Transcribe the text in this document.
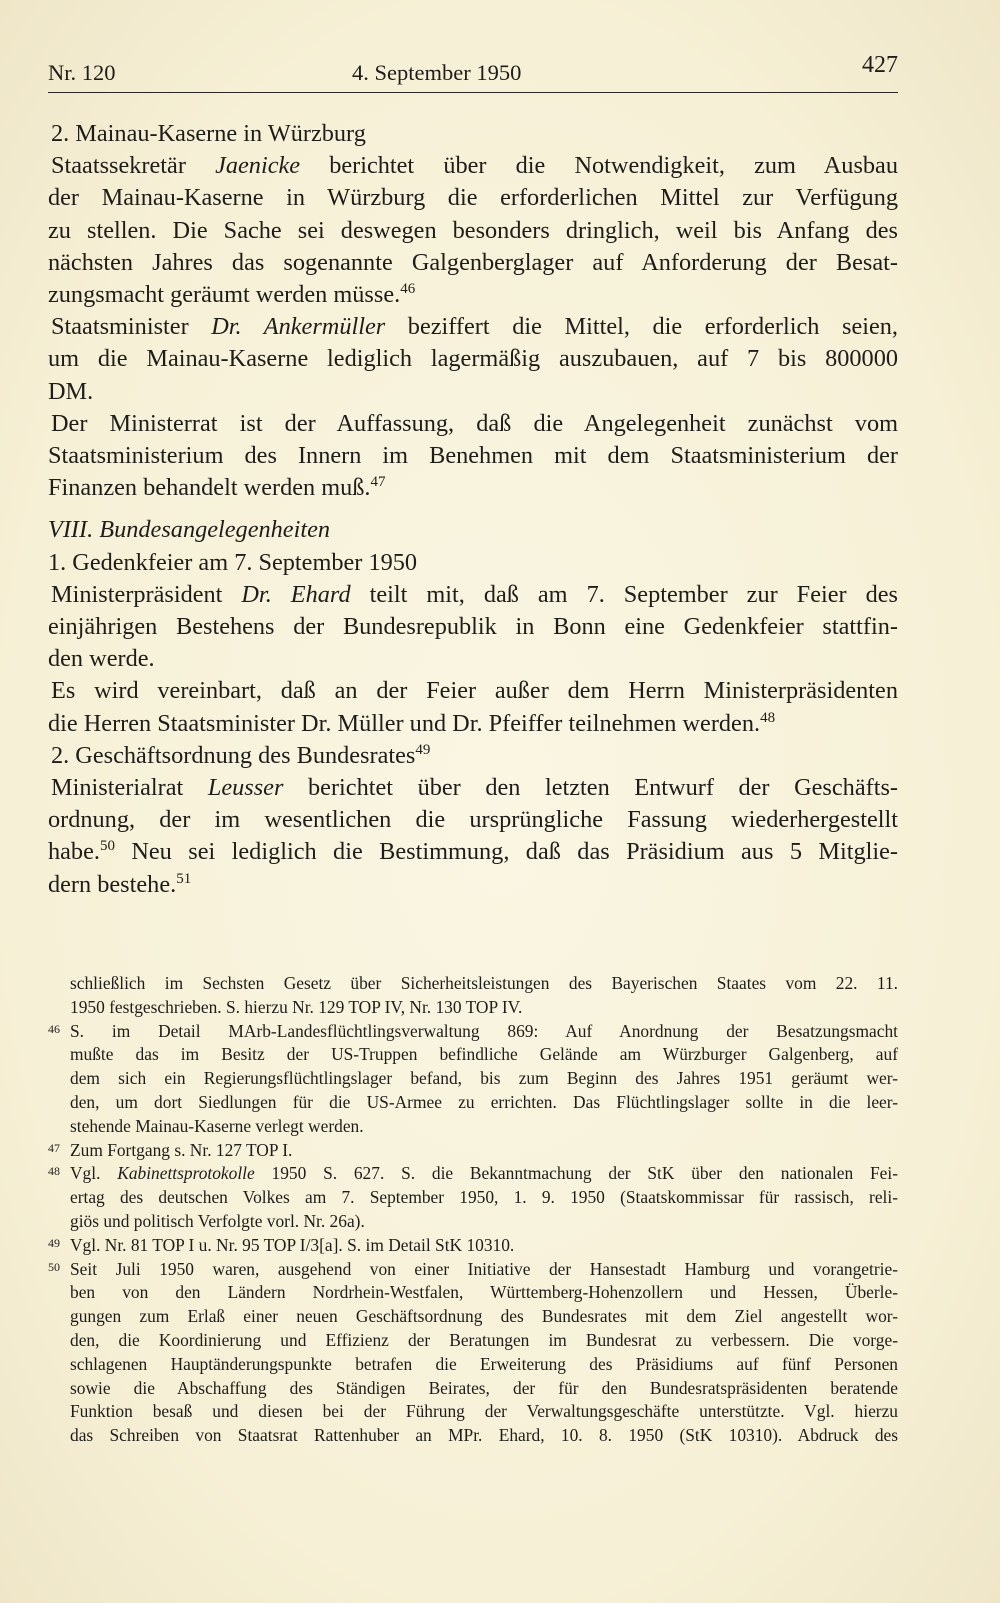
Nr. 120	4. September 1950	427
2. Mainau-Kaserne in Würzburg
Staatssekretär Jaenicke berichtet über die Notwendigkeit, zum Ausbau
der Mainau-Kaserne in Würzburg die erforderlichen Mittel zur Verfügung
zu stellen. Die Sache sei deswegen besonders dringlich, weil bis Anfang des
nächsten Jahres das sogenannte Galgenberglager auf Anforderung der Besat-
zungsmacht geräumt werden müsse.$^{46}$
Staatsminister Dr. Ankermüller beziffert die Mittel, die erforderlich seien,
um die Mainau-Kaserne lediglich lagermäßig auszubauen, auf 7 bis 800000
DM.
Der Ministerrat ist der Auffassung, daß die Angelegenheit zunächst vom
Staatsministerium des Innern im Benehmen mit dem Staatsministerium der
Finanzen behandelt werden muß.$^{47}$
VIII. Bundesangelegenheiten
1. Gedenkfeier am 7. September 1950
Ministerpräsident Dr. Ehard teilt mit, daß am 7. September zur Feier des
einjährigen Bestehens der Bundesrepublik in Bonn eine Gedenkfeier stattfin-
den werde.
Es wird vereinbart, daß an der Feier außer dem Herrn Ministerpräsidenten
die Herren Staatsminister Dr. Müller und Dr. Pfeiffer teilnehmen werden.$^{48}$
2. Geschäftsordnung des Bundesrates$^{49}$
Ministerialrat Leusser berichtet über den letzten Entwurf der Geschäfts-
ordnung, der im wesentlichen die ursprüngliche Fassung wiederhergestellt
habe.$^{50}$ Neu sei lediglich die Bestimmung, daß das Präsidium aus 5 Mitglie-
dern bestehe.$^{51}$
schließlich im Sechsten Gesetz über Sicherheitsleistungen des Bayerischen Staates vom 22. 11.
1950 festgeschrieben. S. hierzu Nr. 129 TOP IV, Nr. 130 TOP IV.
46 S. im Detail MArb-Landesflüchtlingsverwaltung 869: Auf Anordnung der Besatzungsmacht
mußte das im Besitz der US-Truppen befindliche Gelände am Würzburger Galgenberg, auf
dem sich ein Regierungsflüchtlingslager befand, bis zum Beginn des Jahres 1951 geräumt wer-
den, um dort Siedlungen für die US-Armee zu errichten. Das Flüchtlingslager sollte in die leer-
stehende Mainau-Kaserne verlegt werden.
47 Zum Fortgang s. Nr. 127 TOP I.
48 Vgl. Kabinettsprotokolle 1950 S. 627. S. die Bekanntmachung der StK über den nationalen Fei-
ertag des deutschen Volkes am 7. September 1950, 1. 9. 1950 (Staatskommissar für rassisch, reli-
giös und politisch Verfolgte vorl. Nr. 26a).
49 Vgl. Nr. 81 TOP I u. Nr. 95 TOP I/3[a]. S. im Detail StK 10310.
50 Seit Juli 1950 waren, ausgehend von einer Initiative der Hansestadt Hamburg und vorangetrie-
ben von den Ländern Nordrhein-Westfalen, Württemberg-Hohenzollern und Hessen, Überle-
gungen zum Erlaß einer neuen Geschäftsordnung des Bundesrates mit dem Ziel angestellt wor-
den, die Koordinierung und Effizienz der Beratungen im Bundesrat zu verbessern. Die vorge-
schlagenen Hauptänderungspunkte betrafen die Erweiterung des Präsidiums auf fünf Personen
sowie die Abschaffung des Ständigen Beirates, der für den Bundesratspräsidenten beratende
Funktion besaß und diesen bei der Führung der Verwaltungsgeschäfte unterstützte. Vgl. hierzu
das Schreiben von Staatsrat Rattenhuber an MPr. Ehard, 10. 8. 1950 (StK 10310). Abdruck des
